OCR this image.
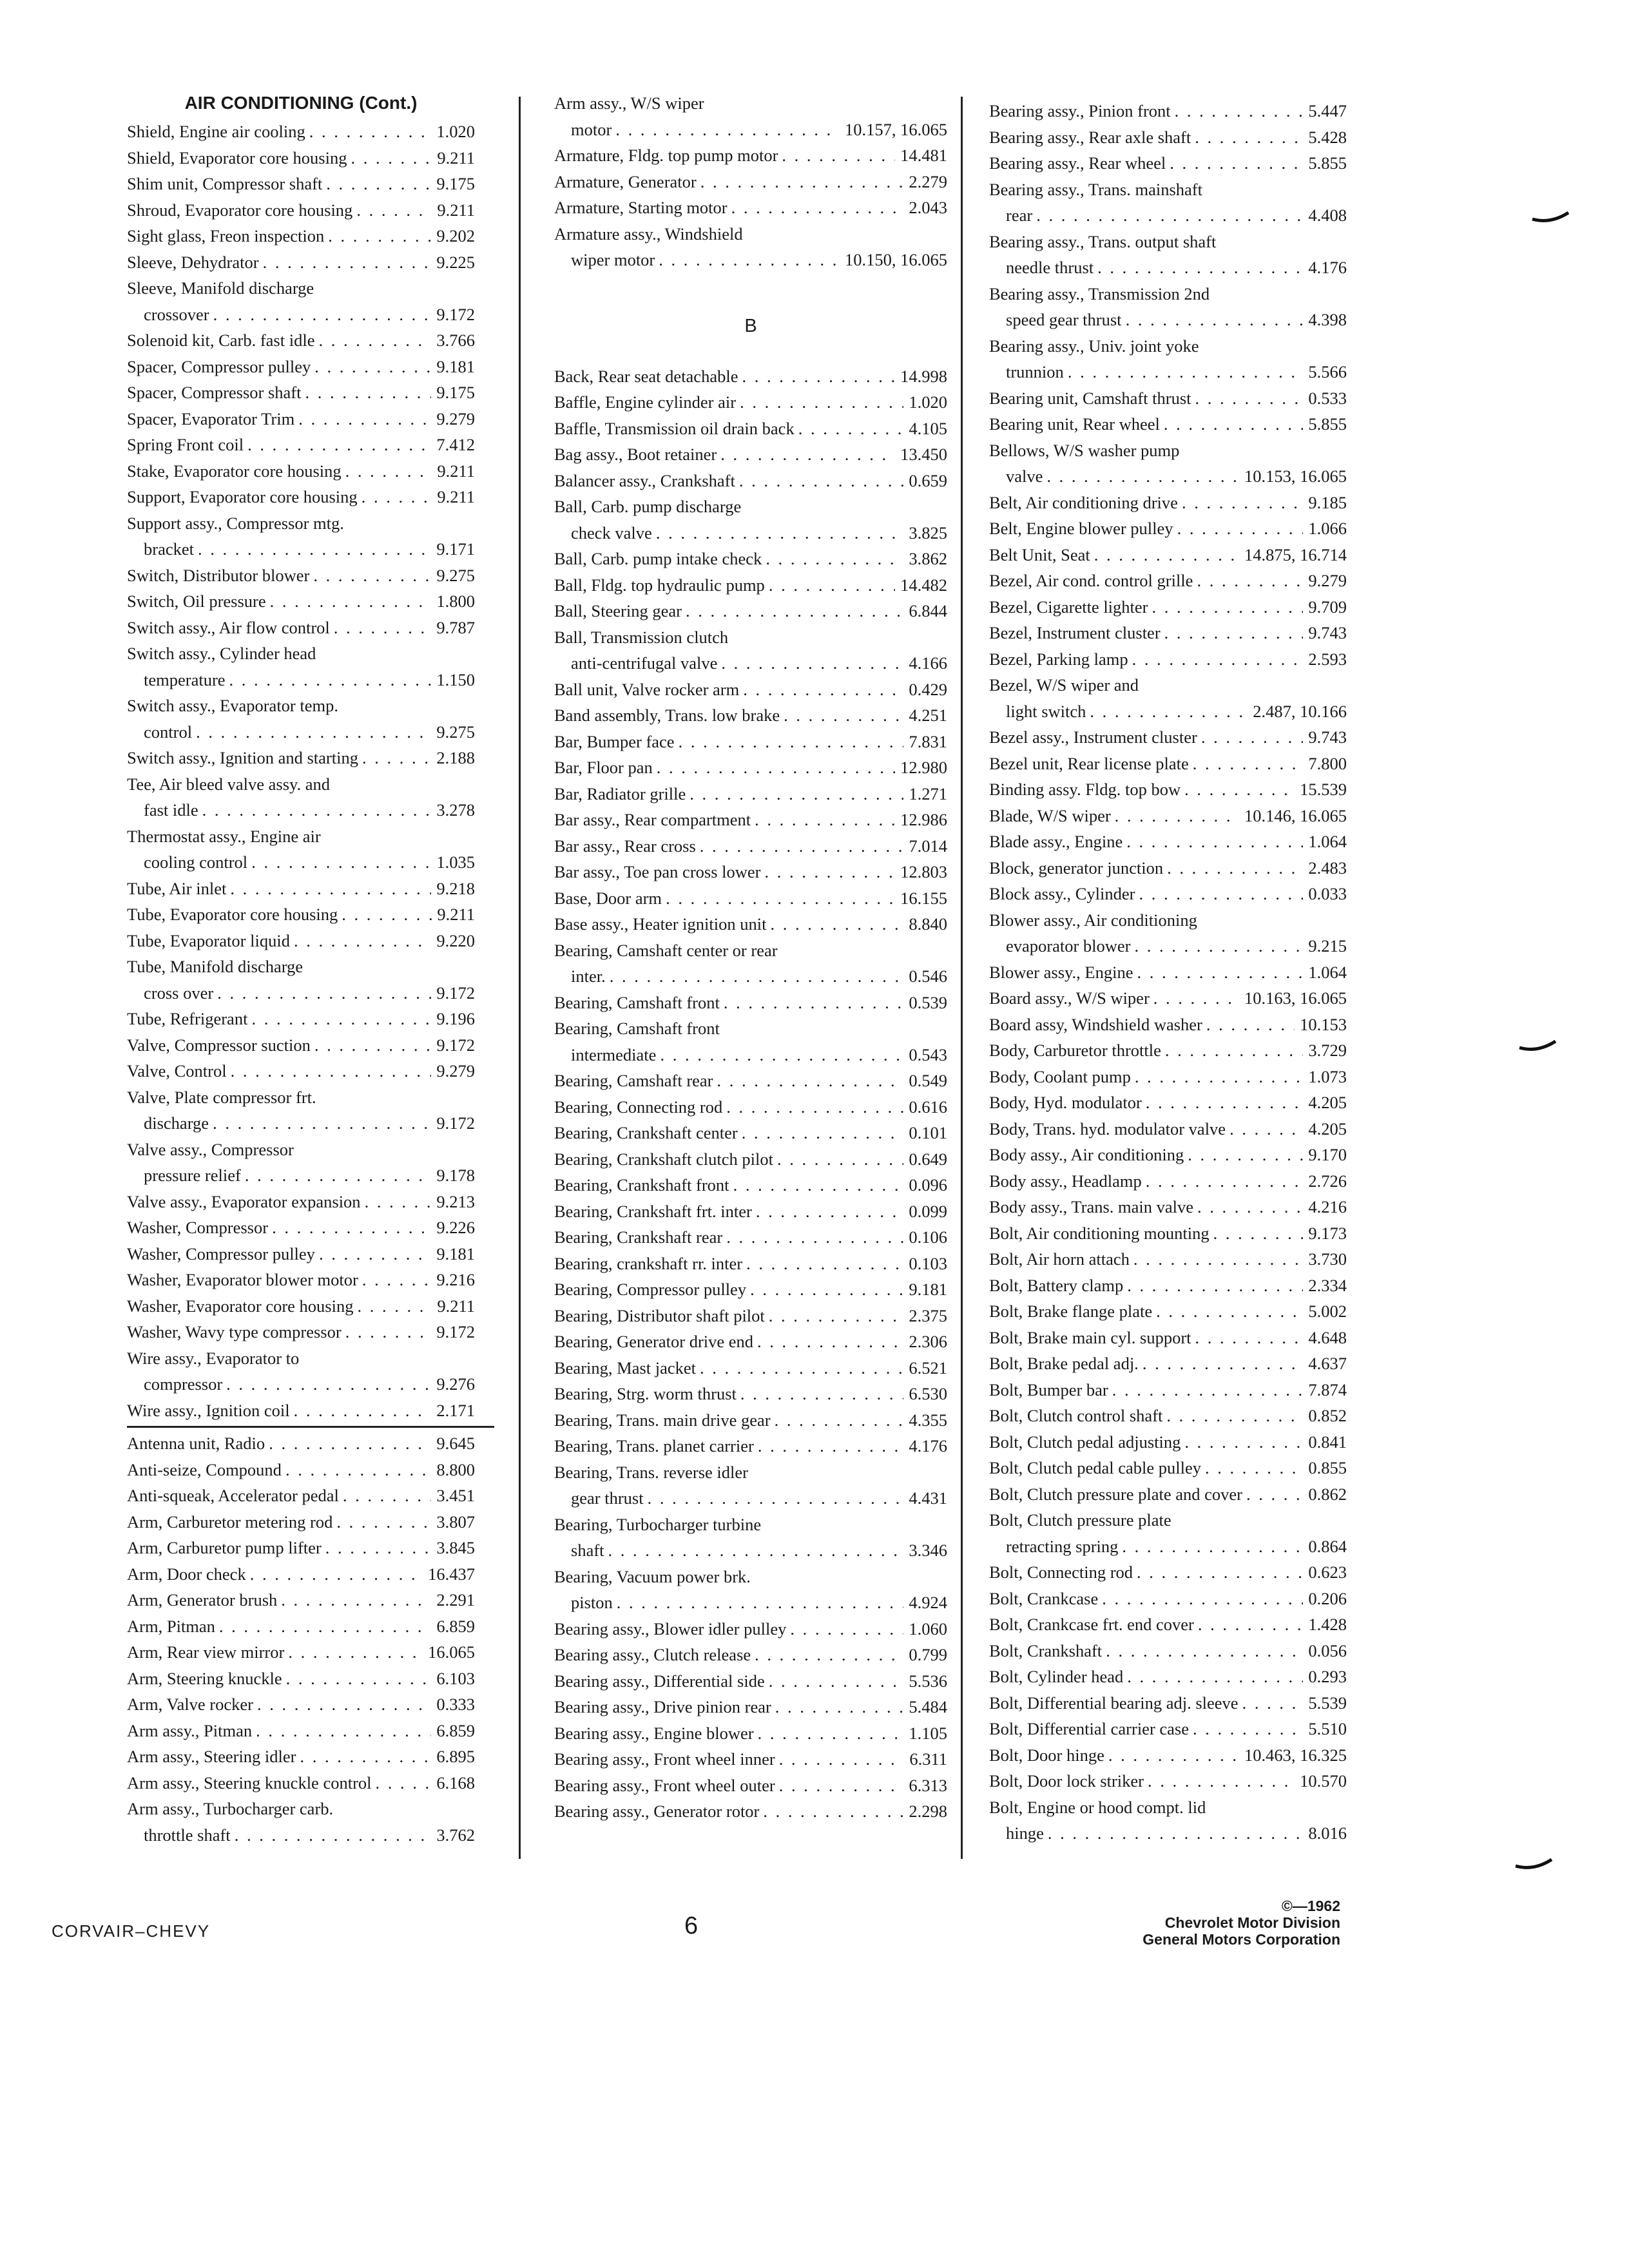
AIR CONDITIONING (Cont.)
Shield, Engine air cooling . . .	1.020
Shield, Evaporator core housing . . .	9.211
Shim unit, Compressor shaft . . .	9.175
Shroud, Evaporator core housing . . .	9.211
Sight glass, Freon inspection . . .	9.202
Sleeve, Dehydrator . . .	9.225
Sleeve, Manifold discharge
crossover . . .	9.172
Solenoid kit, Carb. fast idle . . .	3.766
Spacer, Compressor pulley . . .	9.181
Spacer, Compressor shaft . . .	9.175
Spacer, Evaporator Trim . . .	9.279
Spring Front coil . . .	7.412
Stake, Evaporator core housing . . .	9.211
Support, Evaporator core housing . . .	9.211
Support assy., Compressor mtg.
bracket . . .	9.171
Switch, Distributor blower . . .	9.275
Switch, Oil pressure . . .	1.800
Switch assy., Air flow control . . .	9.787
Switch assy., Cylinder head
temperature . . .	1.150
Switch assy., Evaporator temp.
control . . .	9.275
Switch assy., Ignition and starting . . .	2.188
Tee, Air bleed valve assy. and
fast idle . . .	3.278
Thermostat assy., Engine air
cooling control . . .	1.035
Tube, Air inlet . . .	9.218
Tube, Evaporator core housing . . .	9.211
Tube, Evaporator liquid . . .	9.220
Tube, Manifold discharge
cross over . . .	9.172
Tube, Refrigerant . . .	9.196
Valve, Compressor suction . . .	9.172
Valve, Control . . .	9.279
Valve, Plate compressor frt.
discharge . . .	9.172
Valve assy., Compressor
pressure relief . . .	9.178
Valve assy., Evaporator expansion . . .	9.213
Washer, Compressor . . .	9.226
Washer, Compressor pulley . . .	9.181
Washer, Evaporator blower motor . . .	9.216
Washer, Evaporator core housing . . .	9.211
Washer, Wavy type compressor . . .	9.172
Wire assy., Evaporator to
compressor . . .	9.276
Wire assy., Ignition coil . . .	2.171
Antenna unit, Radio . . .	9.645
Anti-seize, Compound . . .	8.800
Anti-squeak, Accelerator pedal . . .	3.451
Arm, Carburetor metering rod . . .	3.807
Arm, Carburetor pump lifter . . .	3.845
Arm, Door check . . .	16.437
Arm, Generator brush . . .	2.291
Arm, Pitman . . .	6.859
Arm, Rear view mirror . . .	16.065
Arm, Steering knuckle . . .	6.103
Arm, Valve rocker . . .	0.333
Arm assy., Pitman . . .	6.859
Arm assy., Steering idler . . .	6.895
Arm assy., Steering knuckle control . . .	6.168
Arm assy., Turbocharger carb.
throttle shaft . . .	3.762
Arm assy., W/S wiper
motor . . .	10.157, 16.065
Armature, Fldg. top pump motor . . .	14.481
Armature, Generator . . .	2.279
Armature, Starting motor . . .	2.043
Armature assy., Windshield
wiper motor . . .	10.150, 16.065
B
Back, Rear seat detachable . . .	14.998
Baffle, Engine cylinder air . . .	1.020
Baffle, Transmission oil drain back . . .	4.105
Bag assy., Boot retainer . . .	13.450
Balancer assy., Crankshaft . . .	0.659
Ball, Carb. pump discharge
check valve . . .	3.825
Ball, Carb. pump intake check . . .	3.862
Ball, Fldg. top hydraulic pump . . .	14.482
Ball, Steering gear . . .	6.844
Ball, Transmission clutch
anti-centrifugal valve . . .	4.166
Ball unit, Valve rocker arm . . .	0.429
Band assembly, Trans. low brake . . .	4.251
Bar, Bumper face . . .	7.831
Bar, Floor pan . . .	12.980
Bar, Radiator grille . . .	1.271
Bar assy., Rear compartment . . .	12.986
Bar assy., Rear cross . . .	7.014
Bar assy., Toe pan cross lower . . .	12.803
Base, Door arm . . .	16.155
Base assy., Heater ignition unit . . .	8.840
Bearing, Camshaft center or rear
inter. . . .	0.546
Bearing, Camshaft front . . .	0.539
Bearing, Camshaft front
intermediate . . .	0.543
Bearing, Camshaft rear . . .	0.549
Bearing, Connecting rod . . .	0.616
Bearing, Crankshaft center . . .	0.101
Bearing, Crankshaft clutch pilot . . .	0.649
Bearing, Crankshaft front . . .	0.096
Bearing, Crankshaft frt. inter . . .	0.099
Bearing, Crankshaft rear . . .	0.106
Bearing, crankshaft rr. inter . . .	0.103
Bearing, Compressor pulley . . .	9.181
Bearing, Distributor shaft pilot . . .	2.375
Bearing, Generator drive end . . .	2.306
Bearing, Mast jacket . . .	6.521
Bearing, Strg. worm thrust . . .	6.530
Bearing, Trans. main drive gear . . .	4.355
Bearing, Trans. planet carrier . . .	4.176
Bearing, Trans. reverse idler
gear thrust . . .	4.431
Bearing, Turbocharger turbine
shaft . . .	3.346
Bearing, Vacuum power brk.
piston . . .	4.924
Bearing assy., Blower idler pulley . . .	1.060
Bearing assy., Clutch release . . .	0.799
Bearing assy., Differential side . . .	5.536
Bearing assy., Drive pinion rear . . .	5.484
Bearing assy., Engine blower . . .	1.105
Bearing assy., Front wheel inner . . .	6.311
Bearing assy., Front wheel outer . . .	6.313
Bearing assy., Generator rotor . . .	2.298
Bearing assy., Pinion front . . .	5.447
Bearing assy., Rear axle shaft . . .	5.428
Bearing assy., Rear wheel . . .	5.855
Bearing assy., Trans. mainshaft
rear . . .	4.408
Bearing assy., Trans. output shaft
needle thrust . . .	4.176
Bearing assy., Transmission 2nd
speed gear thrust . . .	4.398
Bearing assy., Univ. joint yoke
trunnion . . .	5.566
Bearing unit, Camshaft thrust . . .	0.533
Bearing unit, Rear wheel . . .	5.855
Bellows, W/S washer pump
valve . . .	10.153, 16.065
Belt, Air conditioning drive . . .	9.185
Belt, Engine blower pulley . . .	1.066
Belt Unit, Seat . . .	14.875, 16.714
Bezel, Air cond. control grille . . .	9.279
Bezel, Cigarette lighter . . .	9.709
Bezel, Instrument cluster . . .	9.743
Bezel, Parking lamp . . .	2.593
Bezel, W/S wiper and
light switch . . .	2.487, 10.166
Bezel assy., Instrument cluster . . .	9.743
Bezel unit, Rear license plate . . .	7.800
Binding assy. Fldg. top bow . . .	15.539
Blade, W/S wiper . . .	10.146, 16.065
Blade assy., Engine . . .	1.064
Block, generator junction . . .	2.483
Block assy., Cylinder . . .	0.033
Blower assy., Air conditioning
evaporator blower . . .	9.215
Blower assy., Engine . . .	1.064
Board assy., W/S wiper . . .	10.163, 16.065
Board assy, Windshield washer . . .	10.153
Body, Carburetor throttle . . .	3.729
Body, Coolant pump . . .	1.073
Body, Hyd. modulator . . .	4.205
Body, Trans. hyd. modulator valve . . .	4.205
Body assy., Air conditioning . . .	9.170
Body assy., Headlamp . . .	2.726
Body assy., Trans. main valve . . .	4.216
Bolt, Air conditioning mounting . . .	9.173
Bolt, Air horn attach . . .	3.730
Bolt, Battery clamp . . .	2.334
Bolt, Brake flange plate . . .	5.002
Bolt, Brake main cyl. support . . .	4.648
Bolt, Brake pedal adj. . . .	4.637
Bolt, Bumper bar . . .	7.874
Bolt, Clutch control shaft . . .	0.852
Bolt, Clutch pedal adjusting . . .	0.841
Bolt, Clutch pedal cable pulley . . .	0.855
Bolt, Clutch pressure plate and cover . . .	0.862
Bolt, Clutch pressure plate
retracting spring . . .	0.864
Bolt, Connecting rod . . .	0.623
Bolt, Crankcase . . .	0.206
Bolt, Crankcase frt. end cover . . .	1.428
Bolt, Crankshaft . . .	0.056
Bolt, Cylinder head . . .	0.293
Bolt, Differential bearing adj. sleeve . . .	5.539
Bolt, Differential carrier case . . .	5.510
Bolt, Door hinge . . .	10.463, 16.325
Bolt, Door lock striker . . .	10.570
Bolt, Engine or hood compt. lid
hinge . . .	8.016
CORVAIR–CHEVY	6
©—1962
Chevrolet Motor Division
General Motors Corporation
